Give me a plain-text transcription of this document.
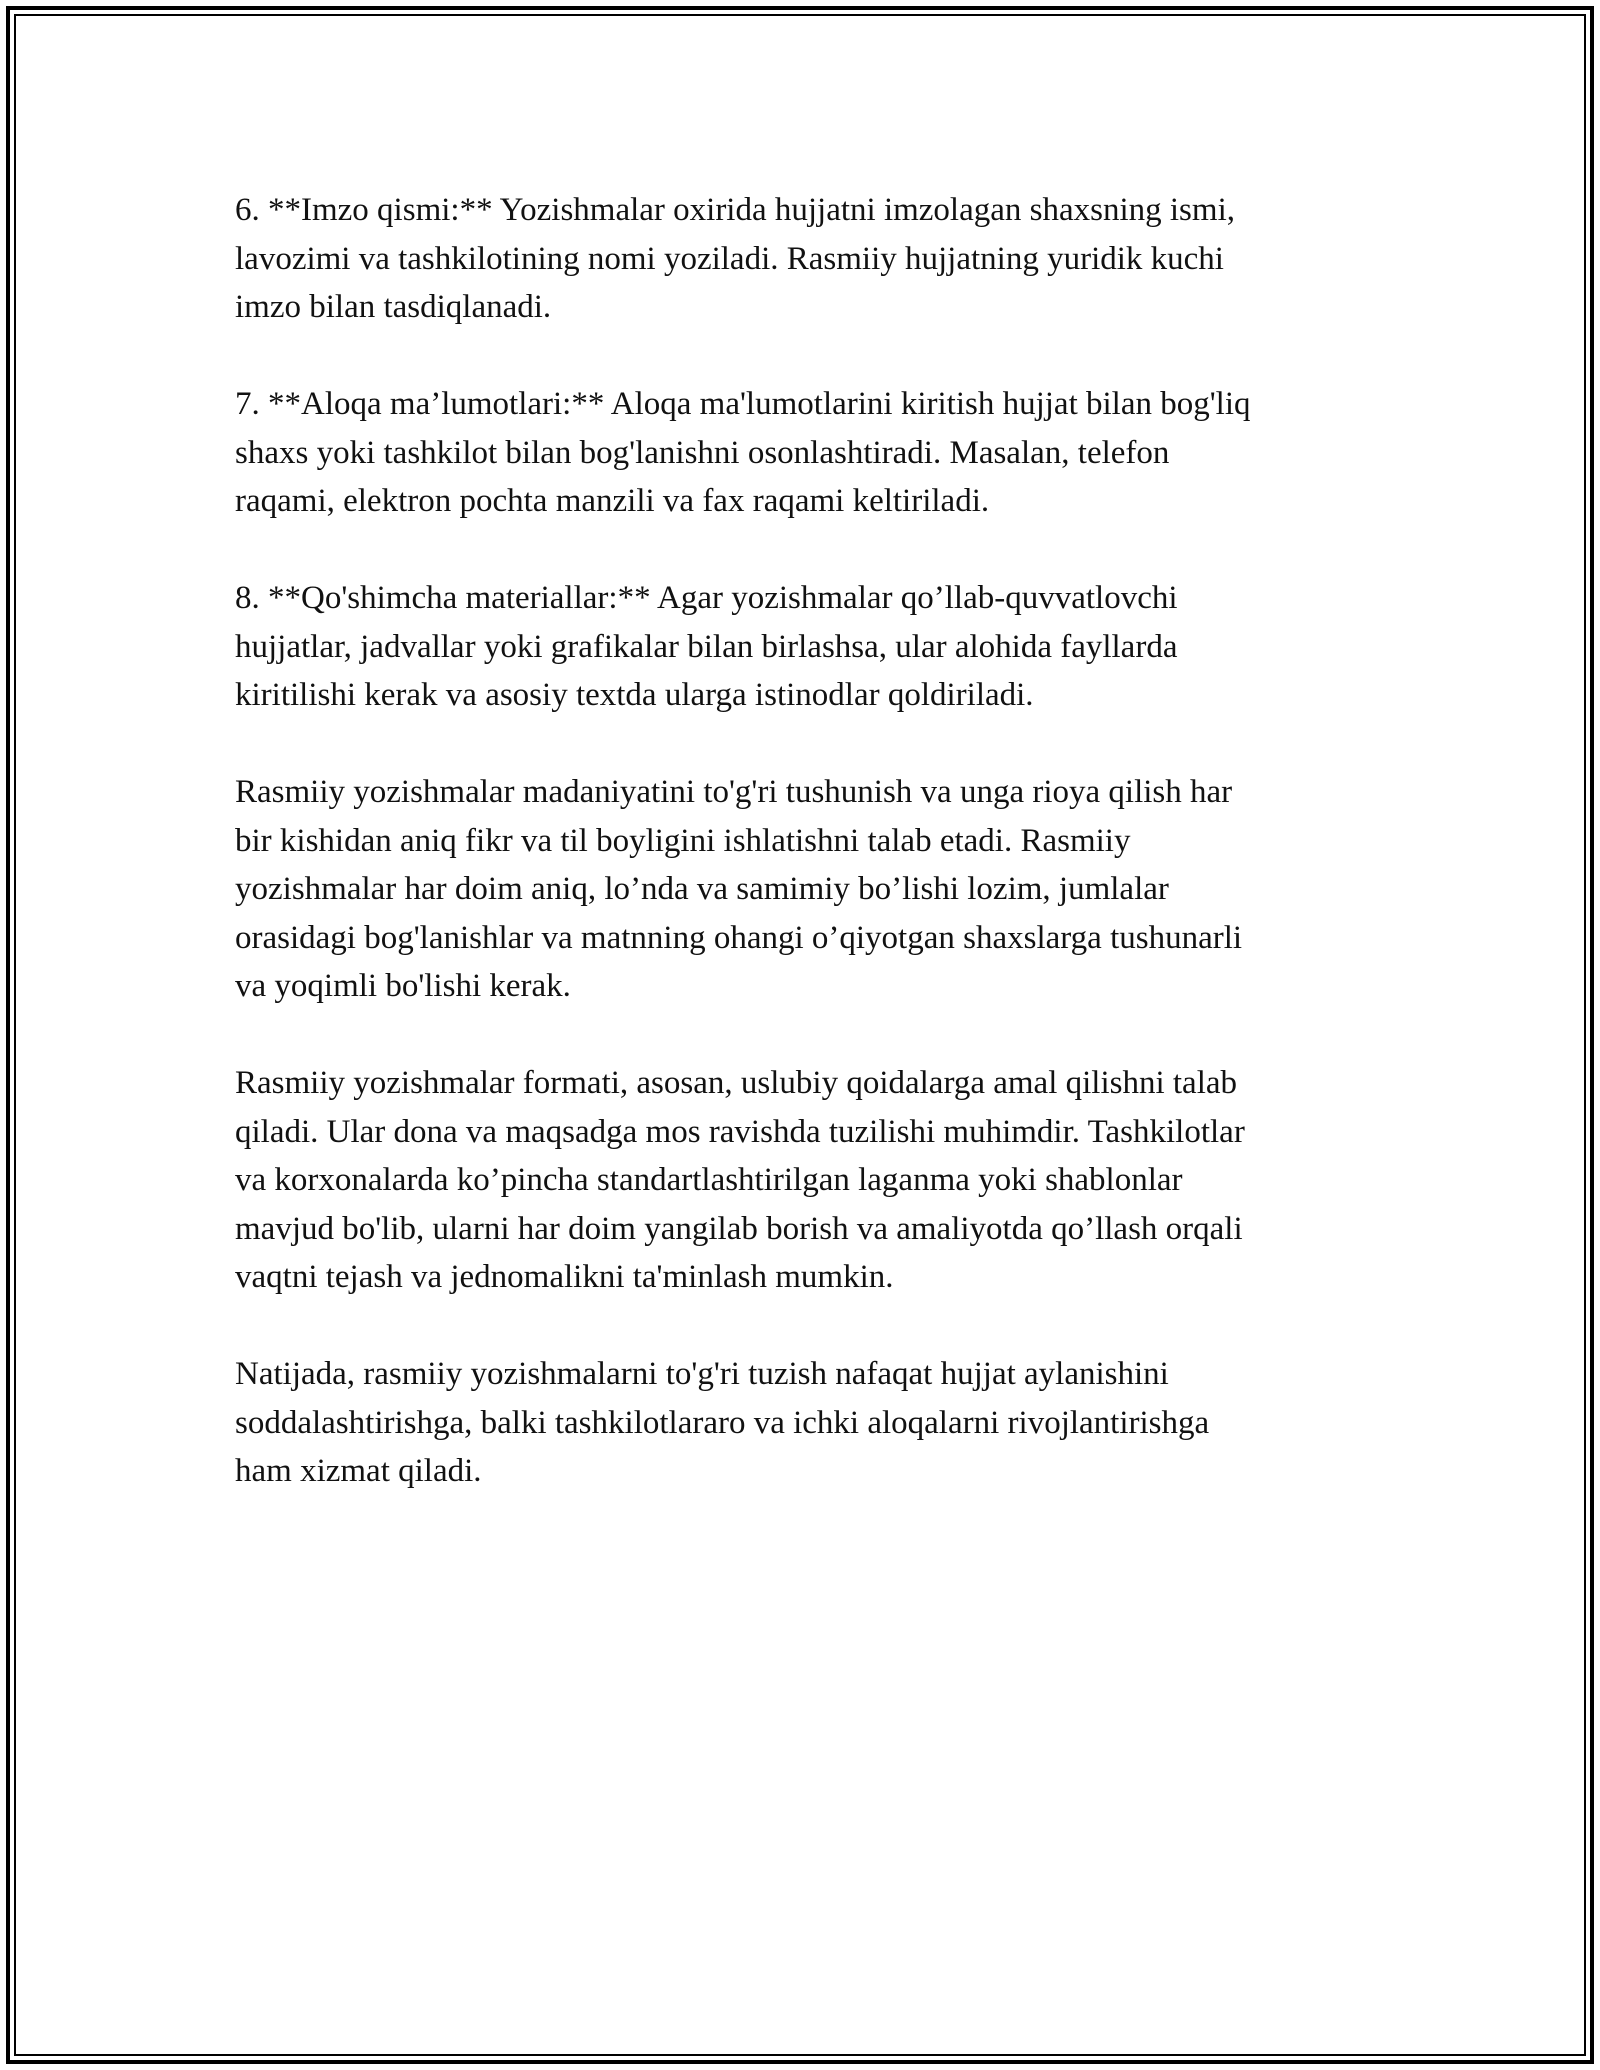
6. **Imzo qismi:** Yozishmalar oxirida hujjatni imzolagan shaxsning ismi,
lavozimi va tashkilotining nomi yoziladi. Rasmiiy hujjatning yuridik kuchi
imzo bilan tasdiqlanadi.

7. **Aloqa ma’lumotlari:** Aloqa ma'lumotlarini kiritish hujjat bilan bog'liq
shaxs yoki tashkilot bilan bog'lanishni osonlashtiradi. Masalan, telefon
raqami, elektron pochta manzili va fax raqami keltiriladi.

8. **Qo'shimcha materiallar:** Agar yozishmalar qo’llab-quvvatlovchi
hujjatlar, jadvallar yoki grafikalar bilan birlashsa, ular alohida fayllarda
kiritilishi kerak va asosiy textda ularga istinodlar qoldiriladi.

Rasmiiy yozishmalar madaniyatini to'g'ri tushunish va unga rioya qilish har
bir kishidan aniq fikr va til boyligini ishlatishni talab etadi. Rasmiiy
yozishmalar har doim aniq, lo’nda va samimiy bo’lishi lozim, jumlalar
orasidagi bog'lanishlar va matnning ohangi o’qiyotgan shaxslarga tushunarli
va yoqimli bo'lishi kerak.

Rasmiiy yozishmalar formati, asosan, uslubiy qoidalarga amal qilishni talab
qiladi. Ular dona va maqsadga mos ravishda tuzilishi muhimdir. Tashkilotlar
va korxonalarda ko’pincha standartlashtirilgan laganma yoki shablonlar
mavjud bo'lib, ularni har doim yangilab borish va amaliyotda qo’llash orqali
vaqtni tejash va jednomalikni ta'minlash mumkin.

Natijada, rasmiiy yozishmalarni to'g'ri tuzish nafaqat hujjat aylanishini
soddalashtirishga, balki tashkilotlararo va ichki aloqalarni rivojlantirishga
ham xizmat qiladi.
